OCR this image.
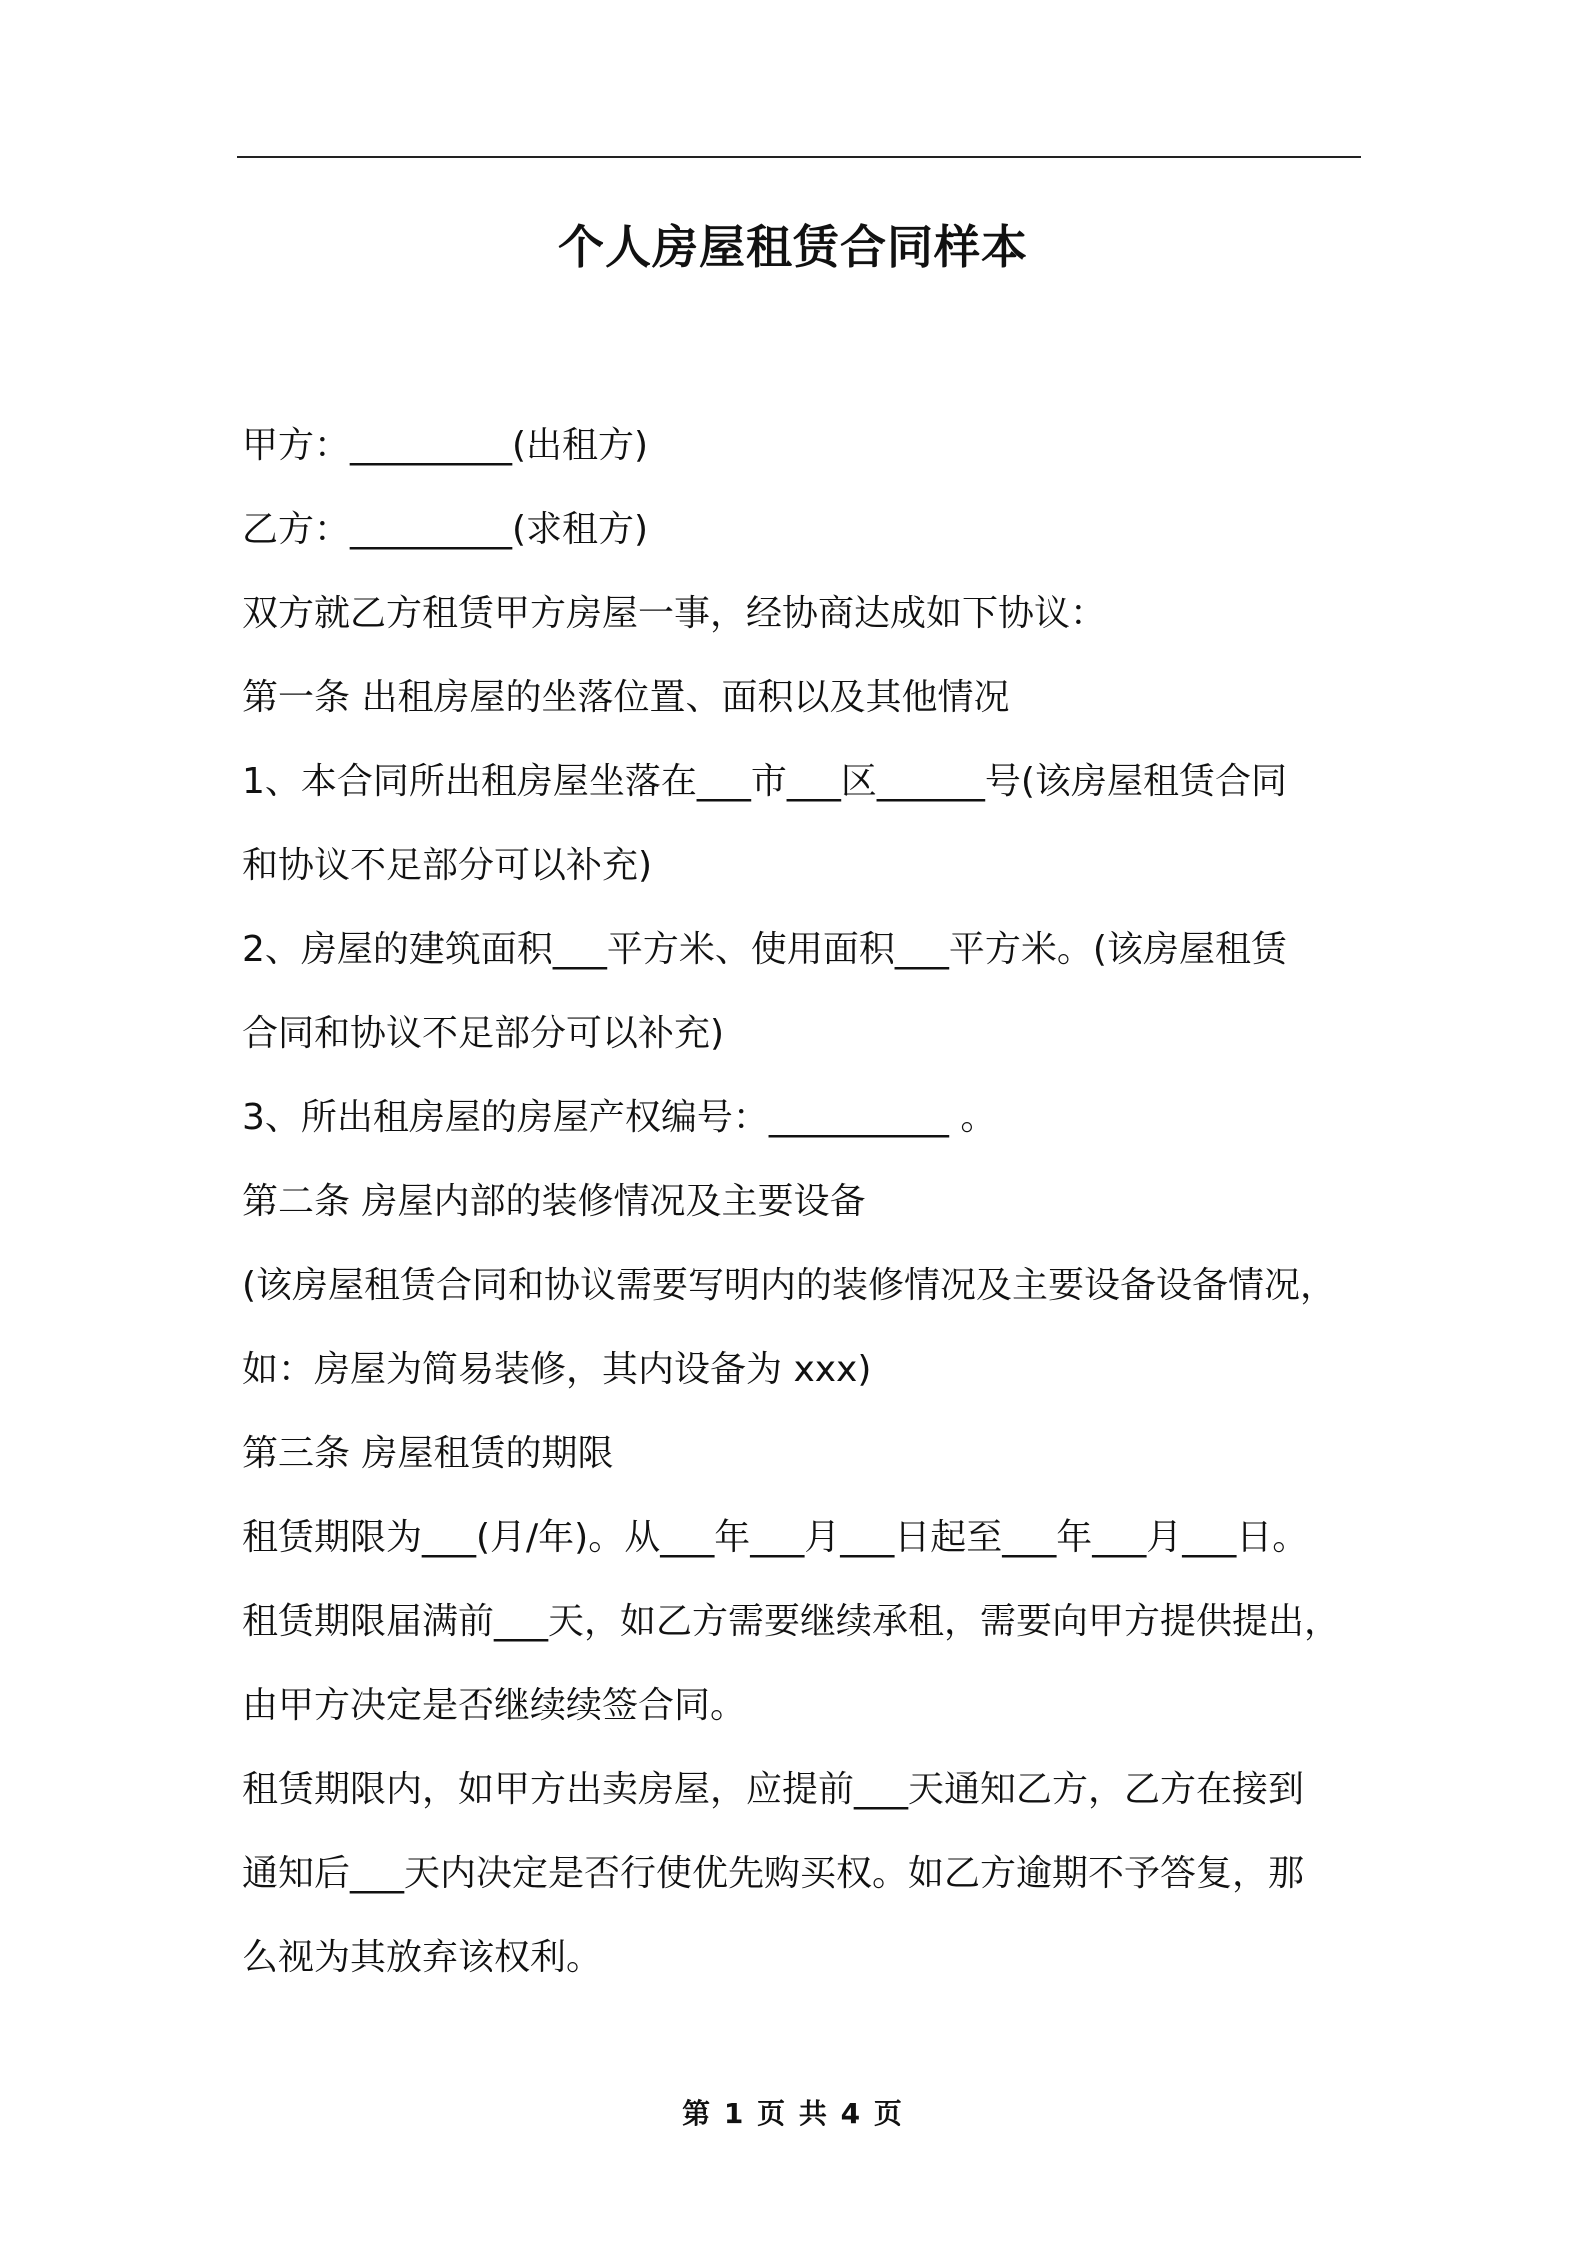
个人房屋租赁合同样本

甲方：_________(出租方)

乙方：_________(求租方)

双方就乙方租赁甲方房屋一事，经协商达成如下协议：

第一条 出租房屋的坐落位置、面积以及其他情况

1、本合同所出租房屋坐落在___市___区______号(该房屋租赁合同

和协议不足部分可以补充)

2、房屋的建筑面积___平方米、使用面积___平方米。(该房屋租赁

合同和协议不足部分可以补充)

3、所出租房屋的房屋产权编号：__________ 。

第二条 房屋内部的装修情况及主要设备

(该房屋租赁合同和协议需要写明内的装修情况及主要设备设备情况，

如：房屋为简易装修，其内设备为 xxx)

第三条 房屋租赁的期限

租赁期限为___(月/年)。从___年___月___日起至___年___月___日。

租赁期限届满前___天，如乙方需要继续承租，需要向甲方提供提出，

由甲方决定是否继续续签合同。

租赁期限内，如甲方出卖房屋，应提前___天通知乙方，乙方在接到

通知后___天内决定是否行使优先购买权。如乙方逾期不予答复，那

么视为其放弃该权利。

第 1 页 共 4 页
